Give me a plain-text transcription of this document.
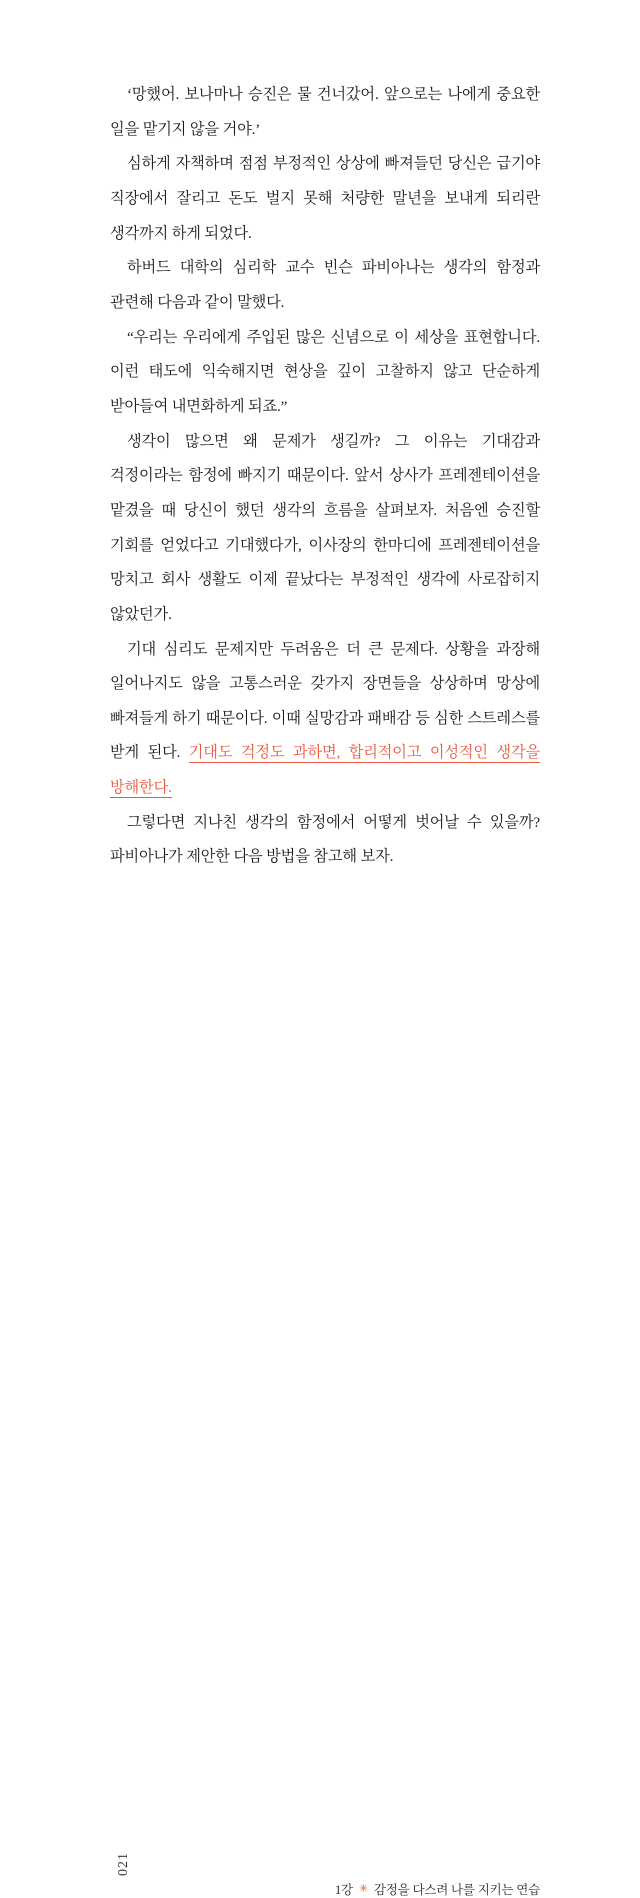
‘망했어. 보나마나 승진은 물 건너갔어. 앞으로는 나에게 중요한 일을 맡기지 않을 거야.’

심하게 자책하며 점점 부정적인 상상에 빠져들던 당신은 급기야 직장에서 잘리고 돈도 벌지 못해 처량한 말년을 보내게 되리란 생각까지 하게 되었다.

하버드 대학의 심리학 교수 빈슨 파비아나는 생각의 함정과 관련해 다음과 같이 말했다.

“우리는 우리에게 주입된 많은 신념으로 이 세상을 표현합니다. 이런 태도에 익숙해지면 현상을 깊이 고찰하지 않고 단순하게 받아들여 내면화하게 되죠.”

생각이 많으면 왜 문제가 생길까? 그 이유는 기대감과 걱정이라는 함정에 빠지기 때문이다. 앞서 상사가 프레젠테이션을 맡겼을 때 당신이 했던 생각의 흐름을 살펴보자. 처음엔 승진할 기회를 얻었다고 기대했다가, 이사장의 한마디에 프레젠테이션을 망치고 회사 생활도 이제 끝났다는 부정적인 생각에 사로잡히지 않았던가.

기대 심리도 문제지만 두려움은 더 큰 문제다. 상황을 과장해 일어나지도 않을 고통스러운 갖가지 장면들을 상상하며 망상에 빠져들게 하기 때문이다. 이때 실망감과 패배감 등 심한 스트레스를 받게 된다. 기대도 걱정도 과하면, 합리적이고 이성적인 생각을 방해한다.

그렇다면 지나친 생각의 함정에서 어떻게 벗어날 수 있을까? 파비아나가 제안한 다음 방법을 참고해 보자.

021
1강 ✳ 감정을 다스려 나를 지키는 연습
